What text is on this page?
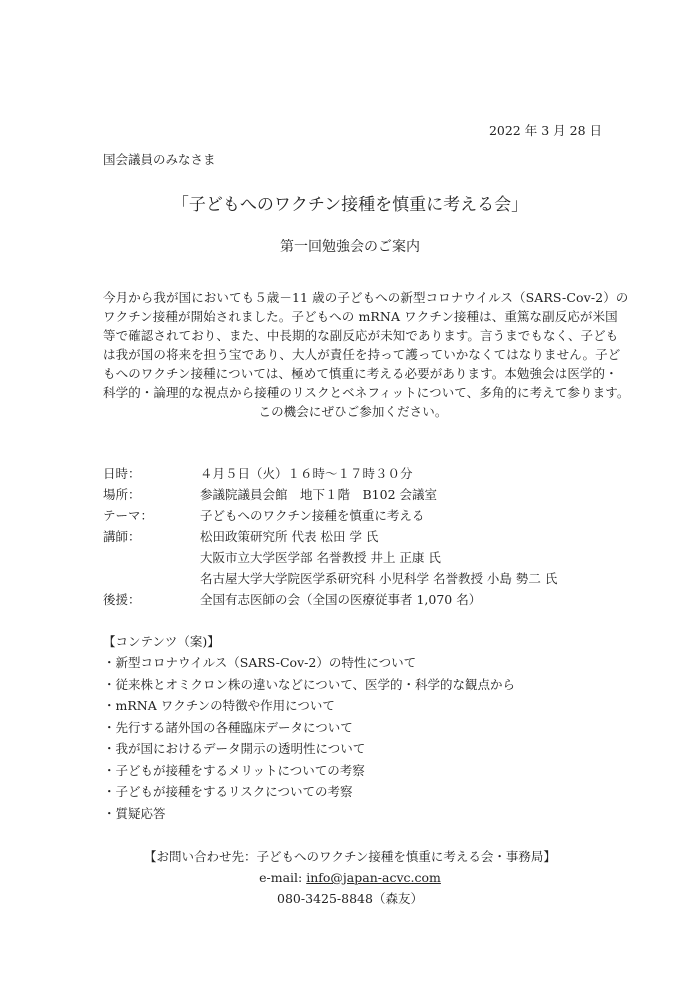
2022 年 3 月 28 日
国会議員のみなさま
「子どもへのワクチン接種を慎重に考える会」
第一回勉強会のご案内
今月から我が国においても５歳－11 歳の子どもへの新型コロナウイルス（SARS-Cov-2）の
ワクチン接種が開始されました。子どもへの mRNA ワクチン接種は、重篤な副反応が米国
等で確認されており、また、中長期的な副反応が未知であります。言うまでもなく、子ども
は我が国の将来を担う宝であり、大人が責任を持って護っていかなくてはなりません。子ど
もへのワクチン接種については、極めて慎重に考える必要があります。本勉強会は医学的・
科学的・論理的な視点から接種のリスクとベネフィットについて、多角的に考えて参ります。
この機会にぜひご参加ください。
日時：	４月５日（火）１６時～１７時３０分
場所：	参議院議員会館　地下１階　B102 会議室
テーマ：	子どもへのワクチン接種を慎重に考える
講師：	松田政策研究所 代表 松田 学 氏
大阪市立大学医学部 名誉教授 井上 正康 氏
名古屋大学大学院医学系研究科 小児科学 名誉教授 小島 勢二 氏
後援：	全国有志医師の会（全国の医療従事者 1,070 名）
【コンテンツ（案)】
・新型コロナウイルス（SARS-Cov-2）の特性について
・従来株とオミクロン株の違いなどについて、医学的・科学的な観点から
・mRNA ワクチンの特徴や作用について
・先行する諸外国の各種臨床データについて
・我が国におけるデータ開示の透明性について
・子どもが接種をするメリットについての考察
・子どもが接種をするリスクについての考察
・質疑応答
【お問い合わせ先：子どもへのワクチン接種を慎重に考える会・事務局】
e-mail: info@japan-acvc.com
080-3425-8848（森友）
